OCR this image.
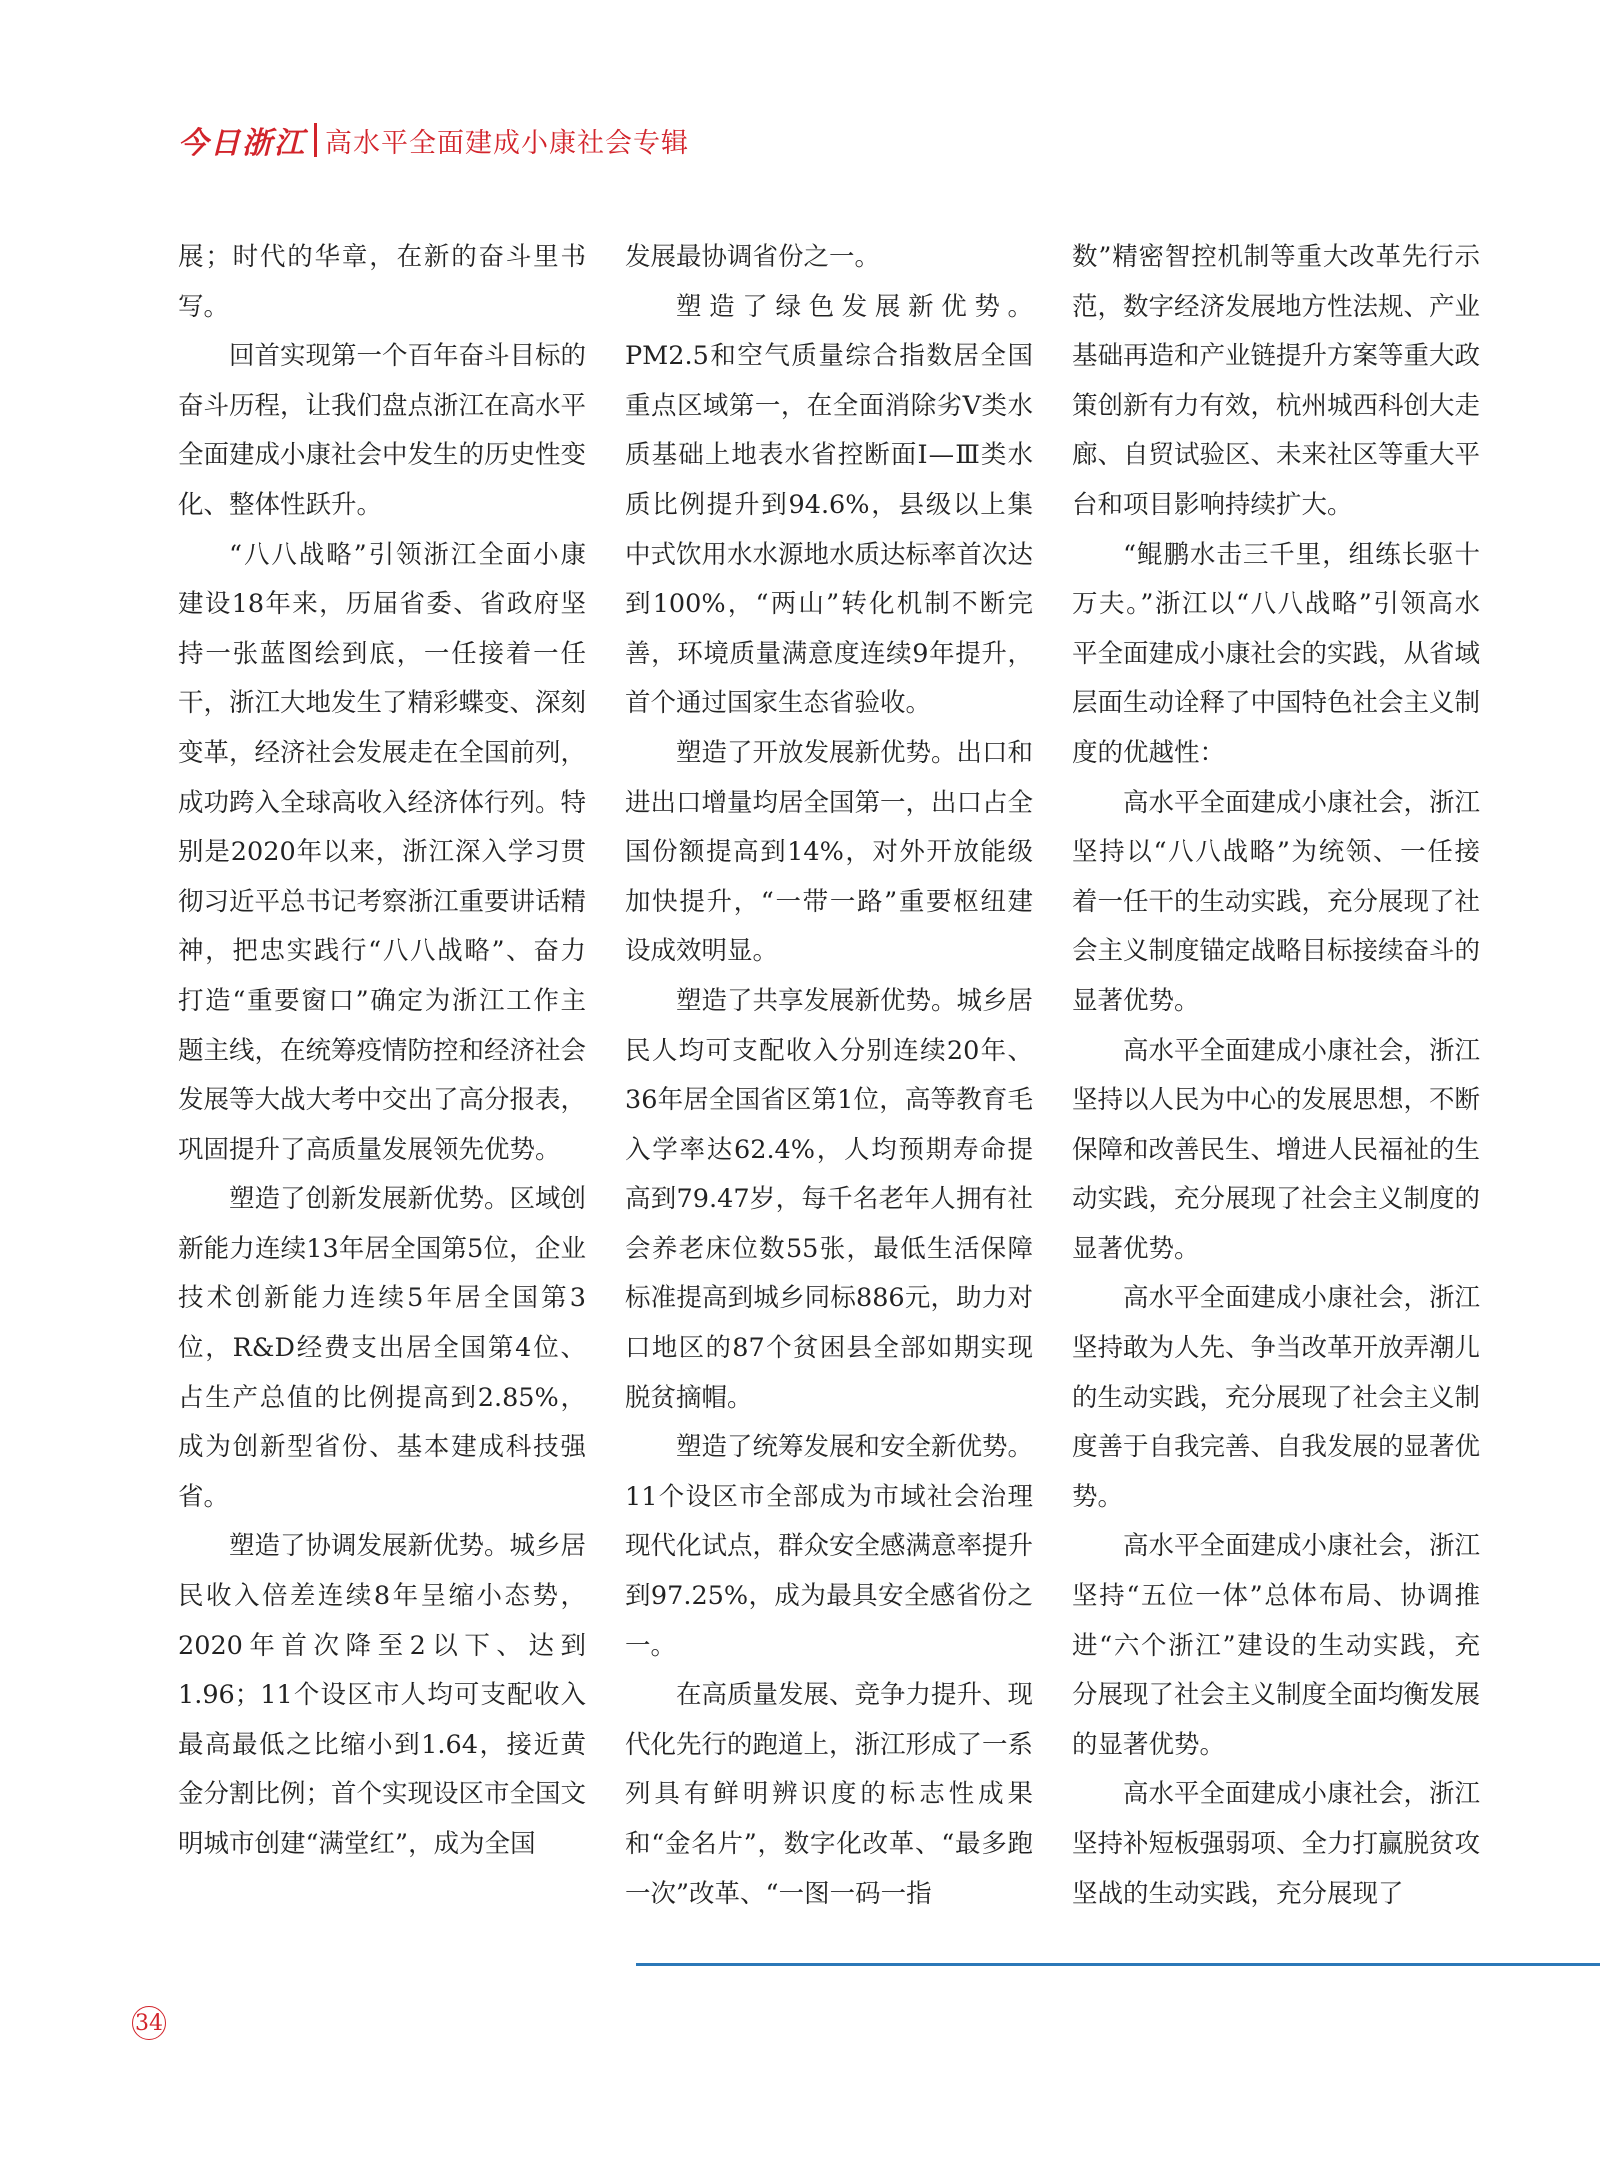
今日浙江 高水平全面建成小康社会专辑

展；时代的华章，在新的奋斗里书写。

回首实现第一个百年奋斗目标的奋斗历程，让我们盘点浙江在高水平全面建成小康社会中发生的历史性变化、整体性跃升。

“八八战略”引领浙江全面小康建设18年来，历届省委、省政府坚持一张蓝图绘到底，一任接着一任干，浙江大地发生了精彩蝶变、深刻变革，经济社会发展走在全国前列，成功跨入全球高收入经济体行列。特别是2020年以来，浙江深入学习贯彻习近平总书记考察浙江重要讲话精神，把忠实践行“八八战略”、奋力打造“重要窗口”确定为浙江工作主题主线，在统筹疫情防控和经济社会发展等大战大考中交出了高分报表，巩固提升了高质量发展领先优势。

塑造了创新发展新优势。区域创新能力连续13年居全国第5位，企业技术创新能力连续5年居全国第3位，R&D经费支出居全国第4位、占生产总值的比例提高到2.85%，成为创新型省份、基本建成科技强省。

塑造了协调发展新优势。城乡居民收入倍差连续8年呈缩小态势，2020年首次降至2以下、达到1.96；11个设区市人均可支配收入最高最低之比缩小到1.64，接近黄金分割比例；首个实现设区市全国文明城市创建“满堂红”，成为全国

发展最协调省份之一。

塑造了绿色发展新优势。PM2.5和空气质量综合指数居全国重点区域第一，在全面消除劣Ⅴ类水质基础上地表水省控断面Ⅰ—Ⅲ类水质比例提升到94.6%，县级以上集中式饮用水水源地水质达标率首次达到100%，“两山”转化机制不断完善，环境质量满意度连续9年提升，首个通过国家生态省验收。

塑造了开放发展新优势。出口和进出口增量均居全国第一，出口占全国份额提高到14%，对外开放能级加快提升，“一带一路”重要枢纽建设成效明显。

塑造了共享发展新优势。城乡居民人均可支配收入分别连续20年、36年居全国省区第1位，高等教育毛入学率达62.4%，人均预期寿命提高到79.47岁，每千名老年人拥有社会养老床位数55张，最低生活保障标准提高到城乡同标886元，助力对口地区的87个贫困县全部如期实现脱贫摘帽。

塑造了统筹发展和安全新优势。11个设区市全部成为市域社会治理现代化试点，群众安全感满意率提升到97.25%，成为最具安全感省份之一。

在高质量发展、竞争力提升、现代化先行的跑道上，浙江形成了一系列具有鲜明辨识度的标志性成果和“金名片”，数字化改革、“最多跑一次”改革、“一图一码一指

数”精密智控机制等重大改革先行示范，数字经济发展地方性法规、产业基础再造和产业链提升方案等重大政策创新有力有效，杭州城西科创大走廊、自贸试验区、未来社区等重大平台和项目影响持续扩大。

“鲲鹏水击三千里，组练长驱十万夫。”浙江以“八八战略”引领高水平全面建成小康社会的实践，从省域层面生动诠释了中国特色社会主义制度的优越性：

高水平全面建成小康社会，浙江坚持以“八八战略”为统领、一任接着一任干的生动实践，充分展现了社会主义制度锚定战略目标接续奋斗的显著优势。

高水平全面建成小康社会，浙江坚持以人民为中心的发展思想，不断保障和改善民生、增进人民福祉的生动实践，充分展现了社会主义制度的显著优势。

高水平全面建成小康社会，浙江坚持敢为人先、争当改革开放弄潮儿的生动实践，充分展现了社会主义制度善于自我完善、自我发展的显著优势。

高水平全面建成小康社会，浙江坚持“五位一体”总体布局、协调推进“六个浙江”建设的生动实践，充分展现了社会主义制度全面均衡发展的显著优势。

高水平全面建成小康社会，浙江坚持补短板强弱项、全力打赢脱贫攻坚战的生动实践，充分展现了

34
